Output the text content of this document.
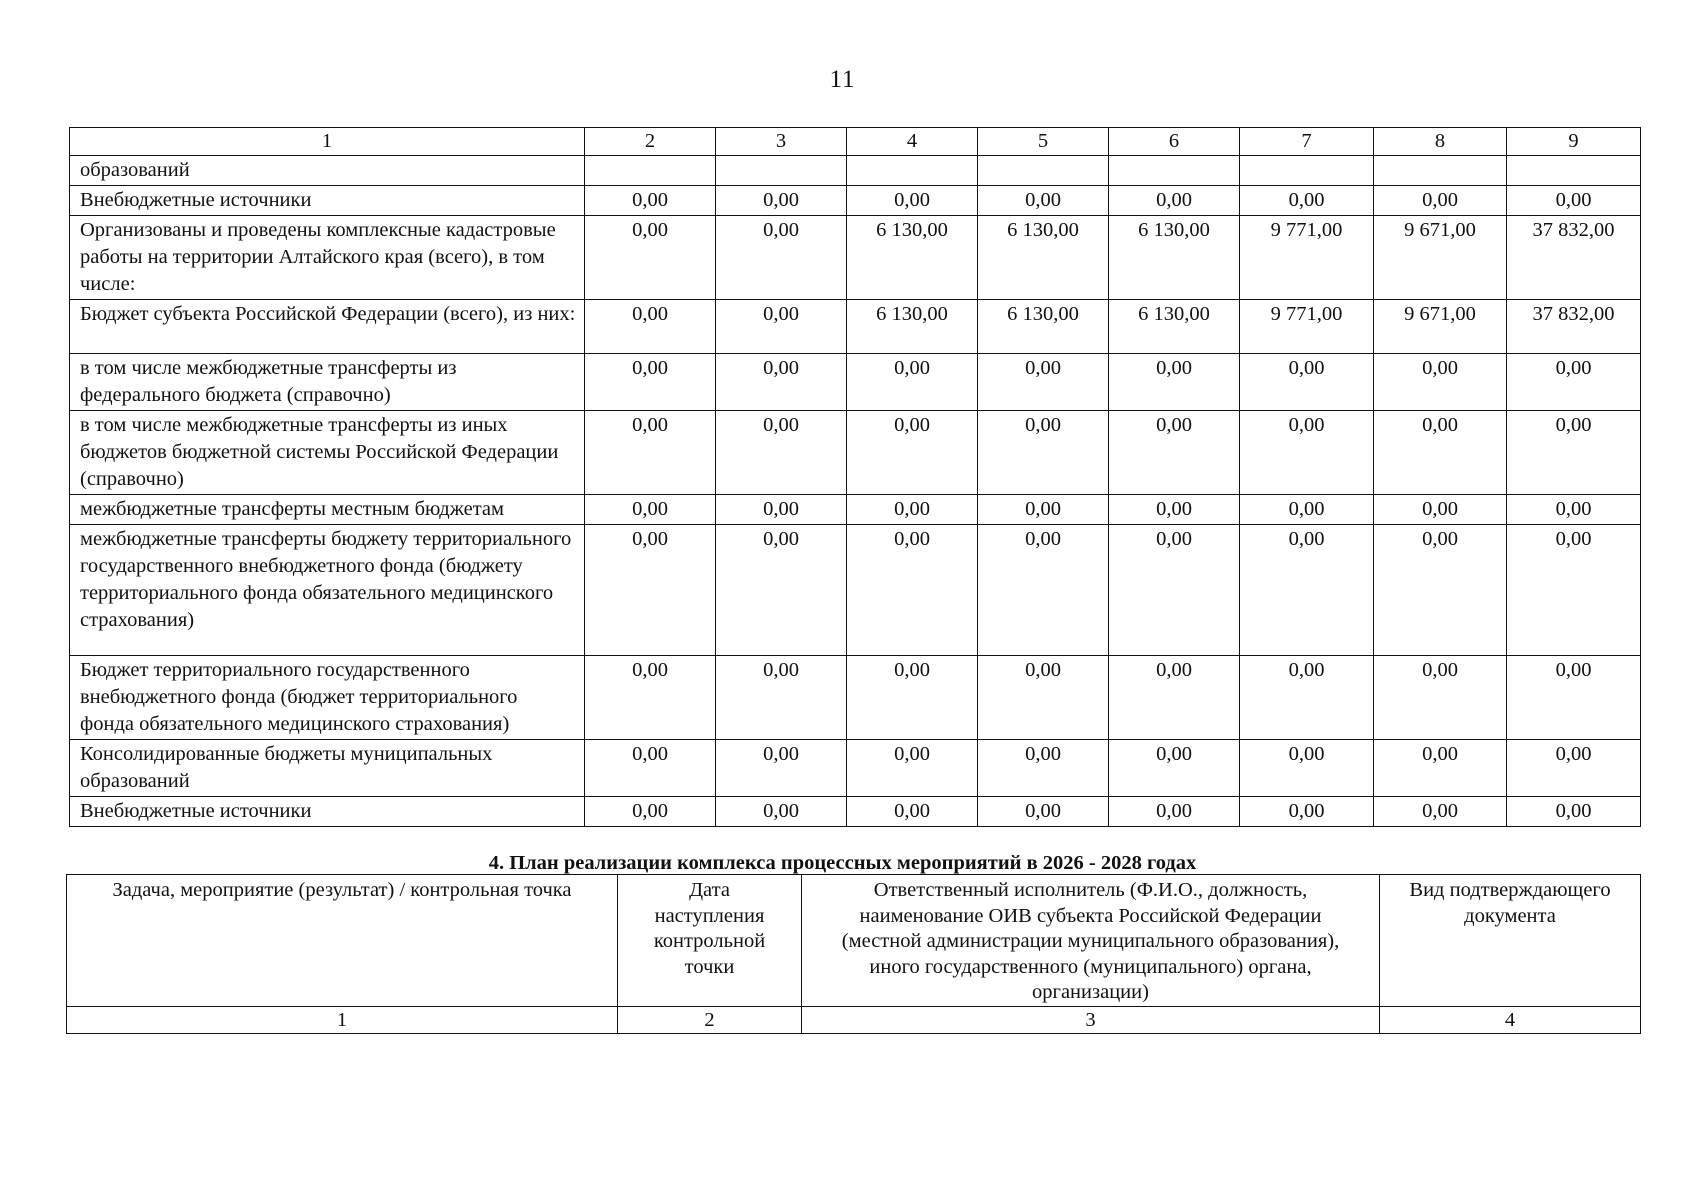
11
1	2	3	4	5	6	7	8	9
образований								
Внебюджетные источники	0,00	0,00	0,00	0,00	0,00	0,00	0,00	0,00
Организованы и проведены комплексные кадастровые работы на территории Алтайского края (всего), в том числе:	0,00	0,00	6 130,00	6 130,00	6 130,00	9 771,00	9 671,00	37 832,00
Бюджет субъекта Российской Федерации (всего), из них:	0,00	0,00	6 130,00	6 130,00	6 130,00	9 771,00	9 671,00	37 832,00
в том числе межбюджетные трансферты из федерального бюджета (справочно)	0,00	0,00	0,00	0,00	0,00	0,00	0,00	0,00
в том числе межбюджетные трансферты из иных бюджетов бюджетной системы Российской Федерации (справочно)	0,00	0,00	0,00	0,00	0,00	0,00	0,00	0,00
межбюджетные трансферты местным бюджетам	0,00	0,00	0,00	0,00	0,00	0,00	0,00	0,00
межбюджетные трансферты бюджету территориального государственного внебюджетного фонда (бюджету территориального фонда обязательного медицинского страхования)	0,00	0,00	0,00	0,00	0,00	0,00	0,00	0,00
Бюджет территориального государственного внебюджетного фонда (бюджет территориального фонда обязательного медицинского страхования)	0,00	0,00	0,00	0,00	0,00	0,00	0,00	0,00
Консолидированные бюджеты муниципальных образований	0,00	0,00	0,00	0,00	0,00	0,00	0,00	0,00
Внебюджетные источники	0,00	0,00	0,00	0,00	0,00	0,00	0,00	0,00
4. План реализации комплекса процессных мероприятий в 2026 - 2028 годах
Задача, мероприятие (результат) / контрольная точка	Дата наступления контрольной точки	Ответственный исполнитель (Ф.И.О., должность, наименование ОИВ субъекта Российской Федерации (местной администрации муниципального образования), иного государственного (муниципального) органа, организации)	Вид подтверждающего документа
1	2	3	4
